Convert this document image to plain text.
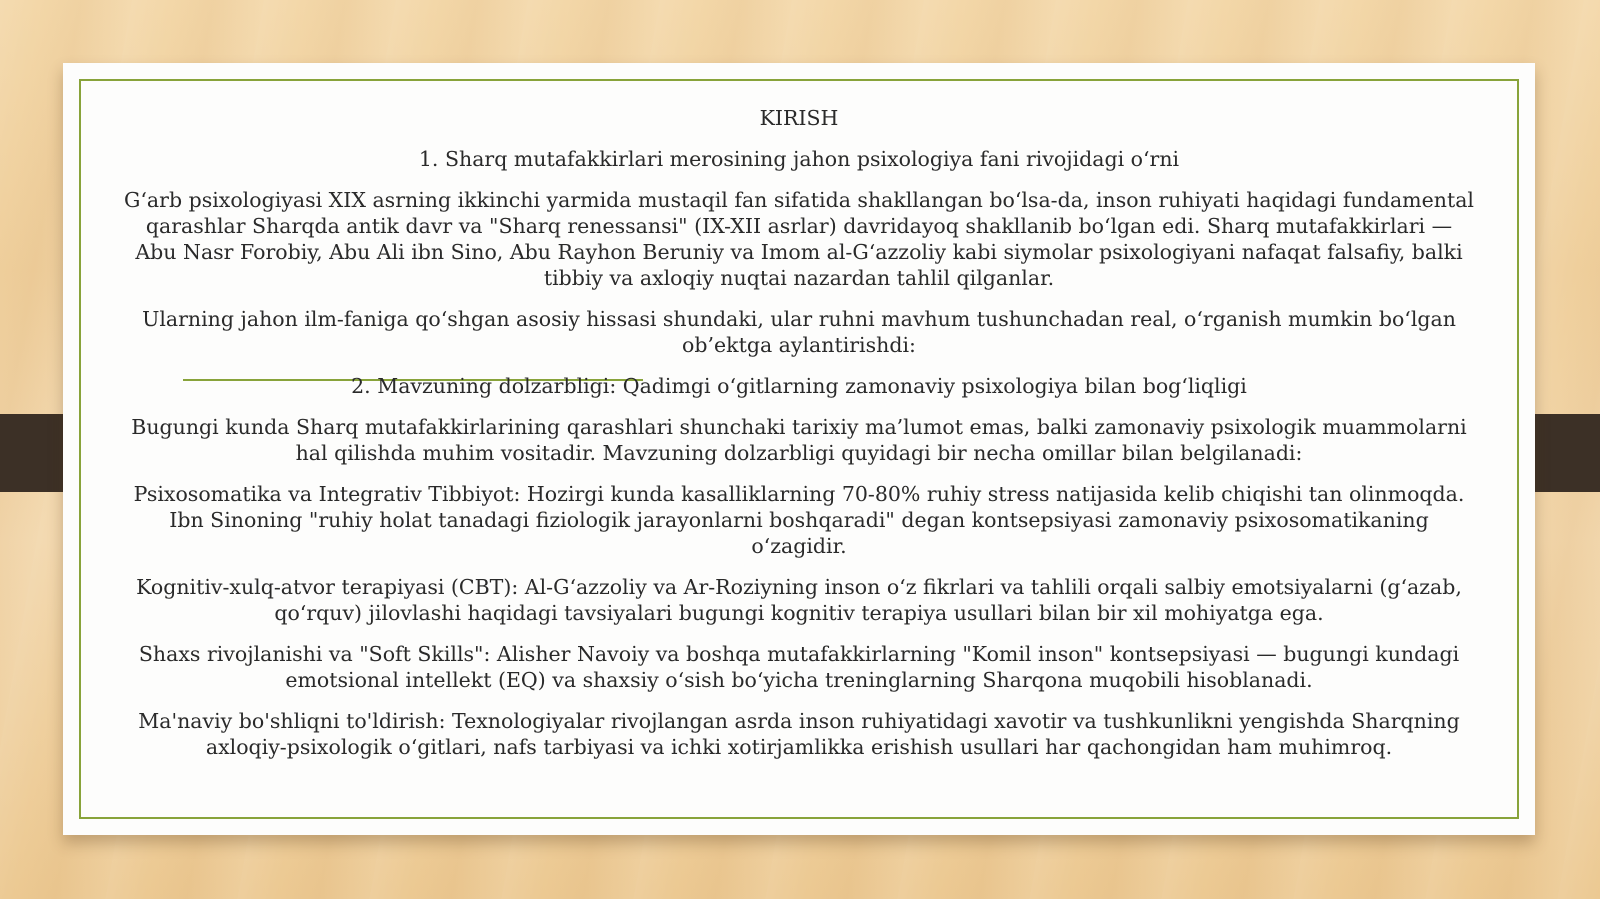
KIRISH

1. Sharq mutafakkirlari merosining jahon psixologiya fani rivojidagi o‘rni

G‘arb psixologiyasi XIX asrning ikkinchi yarmida mustaqil fan sifatida shakllangan bo‘lsa-da, inson ruhiyati haqidagi fundamental qarashlar Sharqda antik davr va "Sharq renessansi" (IX-XII asrlar) davridayoq shakllanib bo‘lgan edi. Sharq mutafakkirlari — Abu Nasr Forobiy, Abu Ali ibn Sino, Abu Rayhon Beruniy va Imom al-G‘azzoliy kabi siymolar psixologiyani nafaqat falsafiy, balki tibbiy va axloqiy nuqtai nazardan tahlil qilganlar.

Ularning jahon ilm-faniga qo‘shgan asosiy hissasi shundaki, ular ruhni mavhum tushunchadan real, o‘rganish mumkin bo‘lgan ob’ektga aylantirishdi:

2. Mavzuning dolzarbligi: Qadimgi o‘gitlarning zamonaviy psixologiya bilan bog‘liqligi

Bugungi kunda Sharq mutafakkirlarining qarashlari shunchaki tarixiy ma’lumot emas, balki zamonaviy psixologik muammolarni hal qilishda muhim vositadir. Mavzuning dolzarbligi quyidagi bir necha omillar bilan belgilanadi:

Psixosomatika va Integrativ Tibbiyot: Hozirgi kunda kasalliklarning 70-80% ruhiy stress natijasida kelib chiqishi tan olinmoqda. Ibn Sinoning "ruhiy holat tanadagi fiziologik jarayonlarni boshqaradi" degan kontsepsiyasi zamonaviy psixosomatikaning o‘zagidir.

Kognitiv-xulq-atvor terapiyasi (CBT): Al-G‘azzoliy va Ar-Roziyning inson o‘z fikrlari va tahlili orqali salbiy emotsiyalarni (g‘azab, qo‘rquv) jilovlashi haqidagi tavsiyalari bugungi kognitiv terapiya usullari bilan bir xil mohiyatga ega.

Shaxs rivojlanishi va "Soft Skills": Alisher Navoiy va boshqa mutafakkirlarning "Komil inson" kontsepsiyasi — bugungi kundagi emotsional intellekt (EQ) va shaxsiy o‘sish bo‘yicha treninglarning Sharqona muqobili hisoblanadi.

Ma'naviy bo'shliqni to'ldirish: Texnologiyalar rivojlangan asrda inson ruhiyatidagi xavotir va tushkunlikni yengishda Sharqning axloqiy-psixologik o‘gitlari, nafs tarbiyasi va ichki xotirjamlikka erishish usullari har qachongidan ham muhimroq.
